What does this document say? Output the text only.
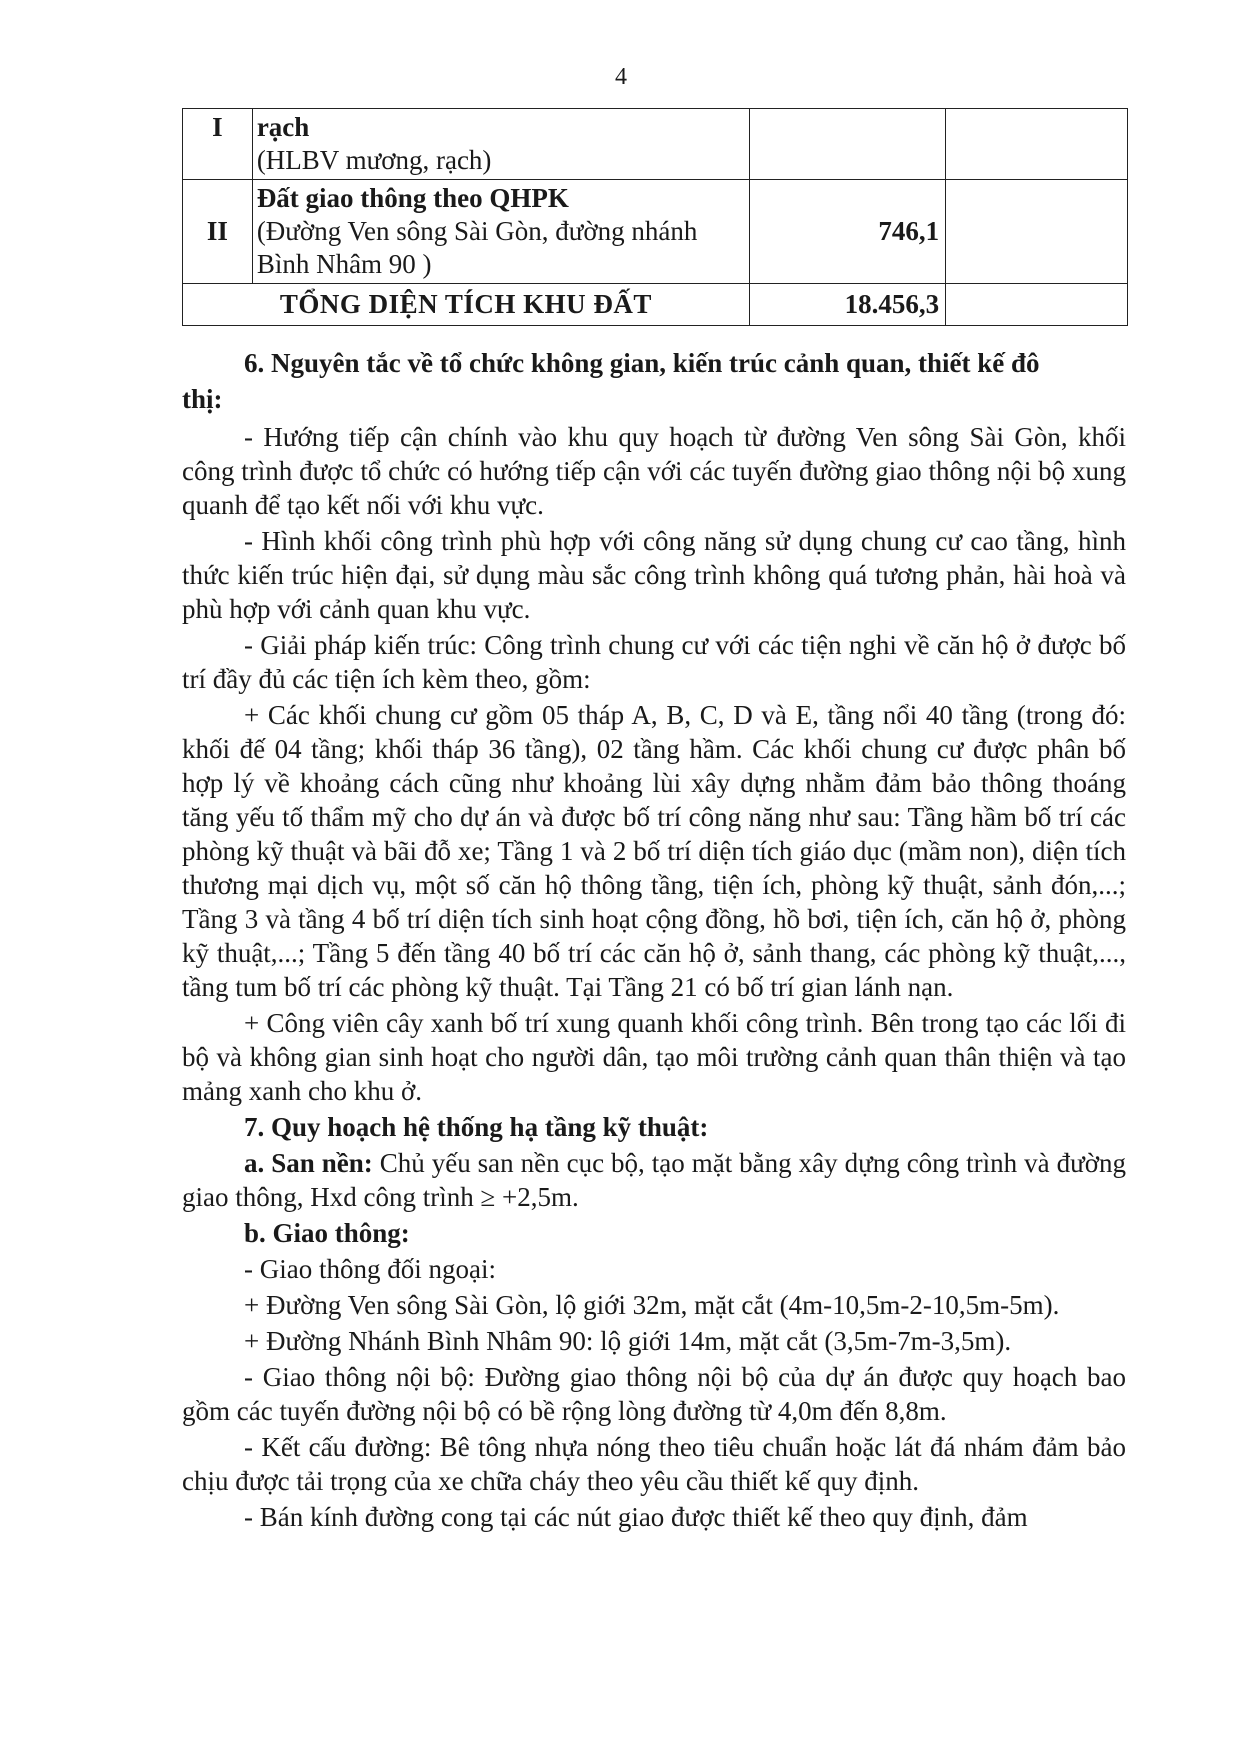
4
I	rạch
(HLBV mương, rạch)		

II	Đất giao thông theo QHPK
(Đường Ven sông Sài Gòn, đường nhánh
Bình Nhâm 90 )	746,1	
TỔNG DIỆN TÍCH KHU ĐẤT		18.456,3	

6. Nguyên tắc về tổ chức không gian, kiến trúc cảnh quan, thiết kế đô

thị:

- Hướng tiếp cận chính vào khu quy hoạch từ đường Ven sông Sài Gòn, khối công trình được tổ chức có hướng tiếp cận với các tuyến đường giao thông nội bộ xung quanh để tạo kết nối với khu vực.

- Hình khối công trình phù hợp với công năng sử dụng chung cư cao tầng, hình thức kiến trúc hiện đại, sử dụng màu sắc công trình không quá tương phản, hài hoà và phù hợp với cảnh quan khu vực.

- Giải pháp kiến trúc: Công trình chung cư với các tiện nghi về căn hộ ở được bố trí đầy đủ các tiện ích kèm theo, gồm:

+ Các khối chung cư gồm 05 tháp A, B, C, D và E, tầng nổi 40 tầng (trong đó: khối đế 04 tầng; khối tháp 36 tầng), 02 tầng hầm. Các khối chung cư được phân bố hợp lý về khoảng cách cũng như khoảng lùi xây dựng nhằm đảm bảo thông thoáng tăng yếu tố thẩm mỹ cho dự án và được bố trí công năng như sau: Tầng hầm bố trí các phòng kỹ thuật và bãi đỗ xe; Tầng 1 và 2 bố trí diện tích giáo dục (mầm non), diện tích thương mại dịch vụ, một số căn hộ thông tầng, tiện ích, phòng kỹ thuật, sảnh đón,...; Tầng 3 và tầng 4 bố trí diện tích sinh hoạt cộng đồng, hồ bơi, tiện ích, căn hộ ở, phòng kỹ thuật,...; Tầng 5 đến tầng 40 bố trí các căn hộ ở, sảnh thang, các phòng kỹ thuật,..., tầng tum bố trí các phòng kỹ thuật. Tại Tầng 21 có bố trí gian lánh nạn.

+ Công viên cây xanh bố trí xung quanh khối công trình. Bên trong tạo các lối đi bộ và không gian sinh hoạt cho người dân, tạo môi trường cảnh quan thân thiện và tạo mảng xanh cho khu ở.

7. Quy hoạch hệ thống hạ tầng kỹ thuật:

a. San nền: Chủ yếu san nền cục bộ, tạo mặt bằng xây dựng công trình và đường giao thông, Hxd công trình ≥ +2,5m.

b. Giao thông:

- Giao thông đối ngoại:

+ Đường Ven sông Sài Gòn, lộ giới 32m, mặt cắt (4m-10,5m-2-10,5m-5m).

+ Đường Nhánh Bình Nhâm 90: lộ giới 14m, mặt cắt (3,5m-7m-3,5m).

- Giao thông nội bộ: Đường giao thông nội bộ của dự án được quy hoạch bao gồm các tuyến đường nội bộ có bề rộng lòng đường từ 4,0m đến 8,8m.

- Kết cấu đường: Bê tông nhựa nóng theo tiêu chuẩn hoặc lát đá nhám đảm bảo chịu được tải trọng của xe chữa cháy theo yêu cầu thiết kế quy định.

- Bán kính đường cong tại các nút giao được thiết kế theo quy định, đảm
